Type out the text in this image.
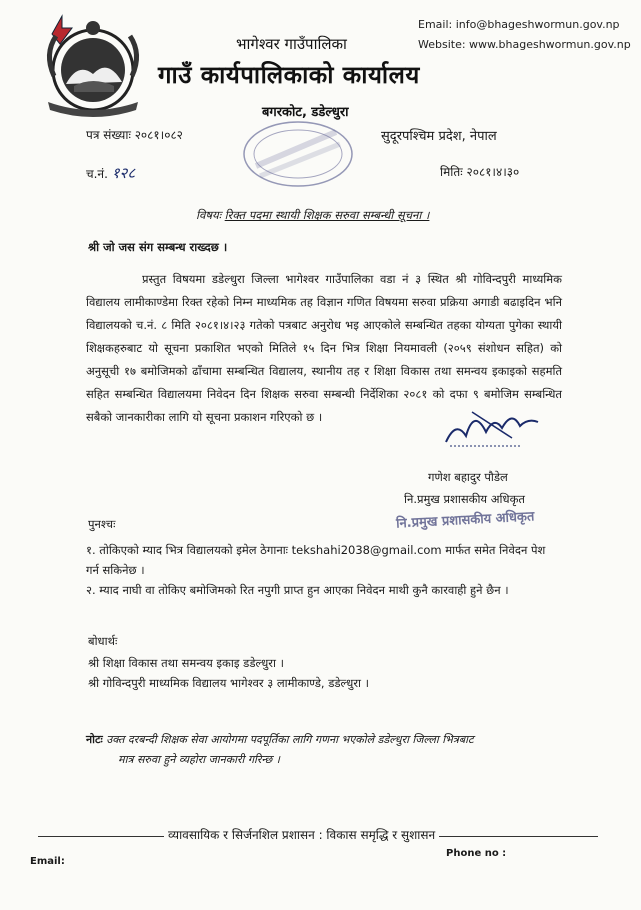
Email: info@bhageshwormun.gov.np
Website: www.bhageshwormun.gov.np
भागेश्वर गाउँपालिका
गाउँ कार्यपालिकाको कार्यालय
बगरकोट, डडेल्धुरा
पत्र संख्याः २०८१।०८२	सुदूरपश्चिम प्रदेश, नेपाल
च.नं. १२८	मितिः २०८१।४।३०
विषयः रिक्त पदमा स्थायी शिक्षक सरुवा सम्बन्धी सूचना ।
श्री जो जस संग सम्बन्ध राख्दछ ।
प्रस्तुत विषयमा डडेल्धुरा जिल्ला भागेश्वर गाउँपालिका वडा नं ३ स्थित श्री गोविन्दपुरी माध्यमिक विद्यालय लामीकाण्डेमा रिक्त रहेको निम्न माध्यमिक तह विज्ञान गणित विषयमा सरुवा प्रक्रिया अगाडी बढाइदिन भनि विद्यालयको च.नं. ८ मिति २०८१।४।२३ गतेको पत्रबाट अनुरोध भइ आएकोले सम्बन्धित तहका योग्यता पुगेका स्थायी शिक्षकहरुबाट यो सूचना प्रकाशित भएको मितिले १५ दिन भित्र शिक्षा नियमावली (२०५९ संशोधन सहित) को अनुसूची १७ बमोजिमको ढाँचामा सम्बन्धित विद्यालय, स्थानीय तह र शिक्षा विकास तथा समन्वय इकाइको सहमति सहित सम्बन्धित विद्यालयमा निवेदन दिन शिक्षक सरुवा सम्बन्धी निर्देशिका २०८१ को दफा ९ बमोजिम सम्बन्धित सबैको जानकारीका लागि यो सूचना प्रकाशन गरिएको छ ।
गणेश बहादुर पौडेल
नि.प्रमुख प्रशासकीय अधिकृत
नि.प्रमुख प्रशासकीय अधिकृत
पुनश्चः
१. तोकिएको म्याद भित्र विद्यालयको इमेल ठेगानाः tekshahi2038@gmail.com मार्फत समेत निवेदन पेश गर्न सकिनेछ ।
२. म्याद नाघी वा तोकिए बमोजिमको रित नपुगी प्राप्त हुन आएका निवेदन माथी कुनै कारवाही हुने छैन ।
बोधार्थः
श्री शिक्षा विकास तथा समन्वय इकाइ डडेल्धुरा ।
श्री गोविन्दपुरी माध्यमिक विद्यालय भागेश्वर ३ लामीकाण्डे, डडेल्धुरा ।
नोटः उक्त दरबन्दी शिक्षक सेवा आयोगमा पदपूर्तिका लागि गणना भएकोले डडेल्धुरा जिल्ला भित्रबाट
मात्र सरुवा हुने व्यहोरा जानकारी गरिन्छ ।
व्यावसायिक र सिर्जनशिल प्रशासन : विकास समृद्धि र सुशासन
Email:
Phone no :
